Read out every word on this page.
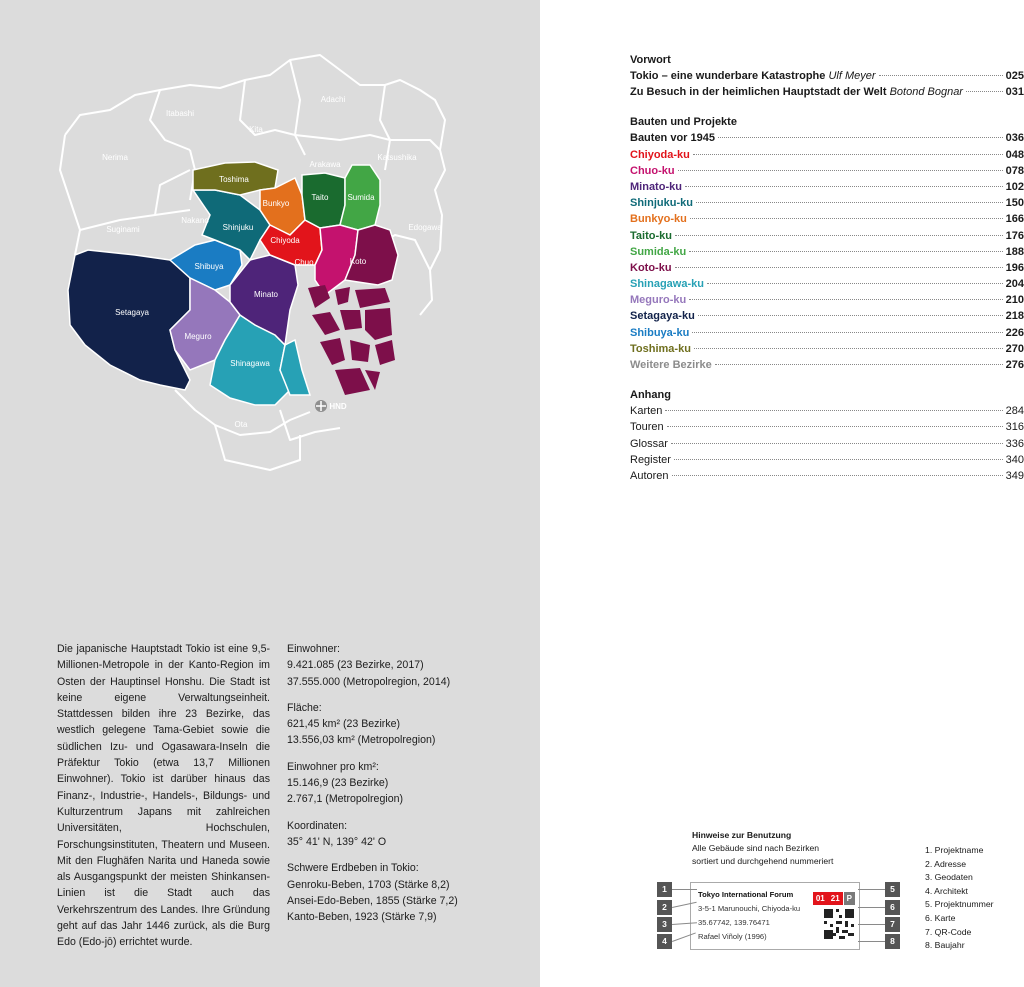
Adachi
Itabashi
Kita
Nerima	Katsushika
Arakawa
Toshima
Taito Sumida
Bunkyo
Nakano
Shinjuku
Suginami
Chiyoda
Edogawa
Chuo	Koto
Shibuya
Setagaya
Minato
Meguro
Shinagawa
HND
Ota
Die japanische Hauptstadt Tokio ist eine 9,5-Millionen-Metropole in der Kanto-Region im Osten der Hauptinsel Honshu. Die Stadt ist keine eigene Verwaltungseinheit. Stattdessen bilden ihre 23 Bezirke, das westlich gelegene Tama-Gebiet sowie die südlichen Izu- und Ogasawara-Inseln die Präfektur Tokio (etwa 13,7 Millionen Einwohner). Tokio ist darüber hinaus das Finanz-, Industrie-, Handels-, Bildungs- und Kulturzentrum Japans mit zahlreichen Universitäten, Hochschulen, Forschungsinstituten, Theatern und Museen. Mit den Flughäfen Narita und Haneda sowie als Ausgangspunkt der meisten Shinkansen-Linien ist die Stadt auch das Verkehrszentrum des Landes. Ihre Gründung geht auf das Jahr 1446 zurück, als die Burg Edo (Edo-jō) errichtet wurde.
Einwohner:
9.421.085 (23 Bezirke, 2017)
37.555.000 (Metropolregion, 2014)
Fläche:
621,45 km² (23 Bezirke)
13.556,03 km² (Metropolregion)
Einwohner pro km²:
15.146,9 (23 Bezirke)
2.767,1 (Metropolregion)
Koordinaten:
35° 41' N, 139° 42' O
Schwere Erdbeben in Tokio:
Genroku-Beben, 1703 (Stärke 8,2)
Ansei-Edo-Beben, 1855 (Stärke 7,2)
Kanto-Beben, 1923 (Stärke 7,9)
Vorwort
Tokio – eine wunderbare Katastrophe Ulf Meyer	025
Zu Besuch in der heimlichen Hauptstadt der Welt Botond Bognar	031
Bauten und Projekte
Bauten vor 1945	036
Chiyoda-ku	048
Chuo-ku	078
Minato-ku	102
Shinjuku-ku	150
Bunkyo-ku	166
Taito-ku	176
Sumida-ku	188
Koto-ku	196
Shinagawa-ku	204
Meguro-ku	210
Setagaya-ku	218
Shibuya-ku	226
Toshima-ku	270
Weitere Bezirke	276
Anhang
Karten	284
Touren	316
Glossar	336
Register	340
Autoren	349
Hinweise zur Benutzung
Alle Gebäude sind nach Bezirken
sortiert und durchgehend nummeriert
Tokyo International Forum
3-5-1 Marunouchi, Chiyoda-ku
35.67742, 139.76471
Rafael Viñoly (1996)
01 21 P
1
2
3
4
5
6
7
8
1. Projektname
2. Adresse
3. Geodaten
4. Architekt
5. Projektnummer
6. Karte
7. QR-Code
8. Baujahr
